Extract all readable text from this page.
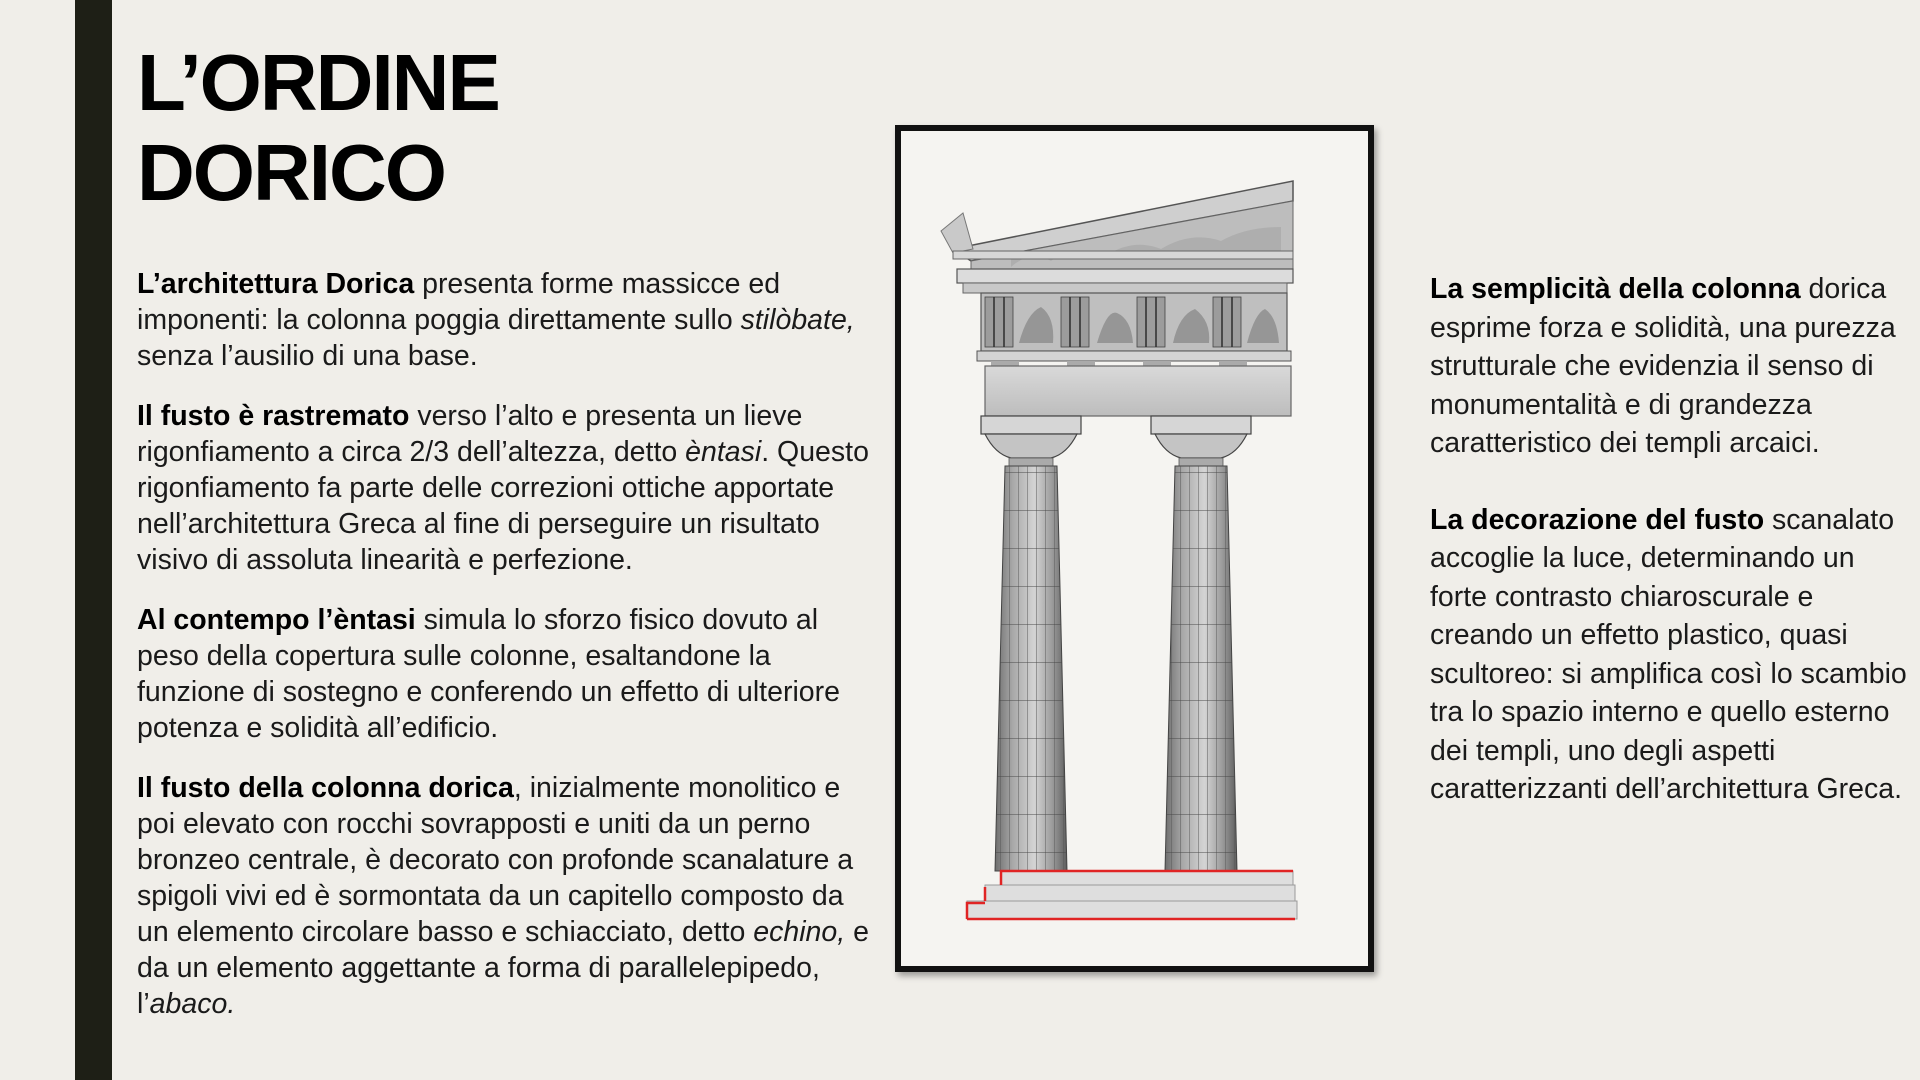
L’ORDINE
DORICO

L’architettura Dorica presenta forme massicce ed imponenti: la colonna poggia direttamente sullo stilòbate, senza l’ausilio di una base.

Il fusto è rastremato verso l’alto e presenta un lieve rigonfiamento a circa 2/3 dell’altezza, detto èntasi. Questo rigonfiamento fa parte delle correzioni ottiche apportate nell’architettura Greca al fine di perseguire un risultato visivo di assoluta linearità e perfezione.

Al contempo l’èntasi simula lo sforzo fisico dovuto al peso della copertura sulle colonne, esaltandone la funzione di sostegno e conferendo un effetto di ulteriore potenza e solidità all’edificio.

Il fusto della colonna dorica, inizialmente monolitico e poi elevato con rocchi sovrapposti e uniti da un perno bronzeo centrale, è decorato con profonde scanalature a spigoli vivi ed è sormontata da un capitello composto da un elemento circolare basso e schiacciato, detto echino, e da un elemento aggettante a forma di parallelepipedo, l’abaco.

La semplicità della colonna dorica esprime forza e solidità, una purezza strutturale che evidenzia il senso di monumentalità e di grandezza caratteristico dei templi arcaici.

La decorazione del fusto scanalato accoglie la luce, determinando un forte contrasto chiaroscurale e creando un effetto plastico, quasi scultoreo: si amplifica così lo scambio tra lo spazio interno e quello esterno dei templi, uno degli aspetti caratterizzanti dell’architettura Greca.
